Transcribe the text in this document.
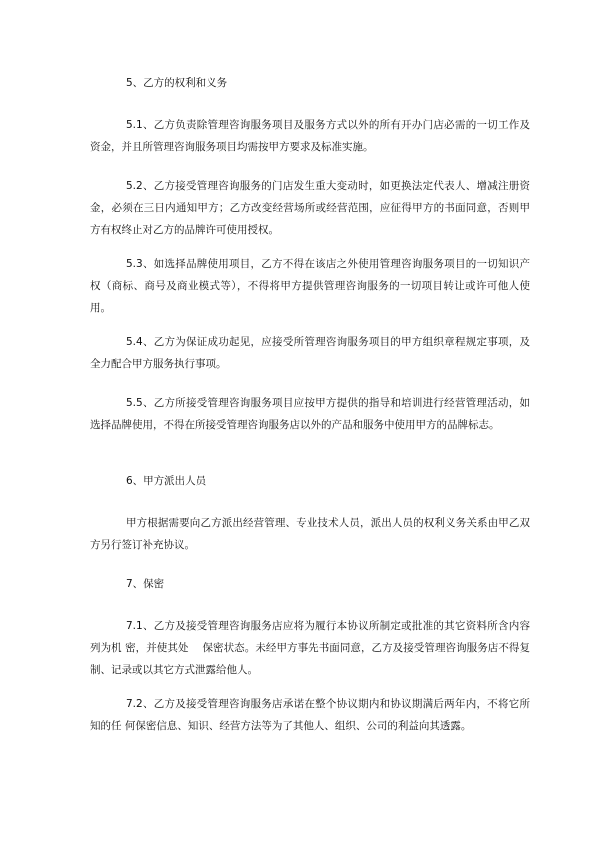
5、乙方的权利和义务

5.1、乙方负责除管理咨询服务项目及服务方式以外的所有开办门店必需的一切工作及资金，并且所管理咨询服务项目均需按甲方要求及标准实施。

5.2、乙方接受管理咨询服务的门店发生重大变动时，如更换法定代表人、增减注册资金，必须在三日内通知甲方；乙方改变经营场所或经营范围，应征得甲方的书面同意，否则甲方有权终止对乙方的品牌许可使用授权。

5.3、如选择品牌使用项目，乙方不得在该店之外使用管理咨询服务项目的一切知识产权（商标、商号及商业模式等），不得将甲方提供管理咨询服务的一切项目转让或许可他人使用。

5.4、乙方为保证成功起见，应接受所管理咨询服务项目的甲方组织章程规定事项，及全力配合甲方服务执行事项。

5.5、乙方所接受管理咨询服务项目应按甲方提供的指导和培训进行经营管理活动，如选择品牌使用，不得在所接受管理咨询服务店以外的产品和服务中使用甲方的品牌标志。

6、甲方派出人员

甲方根据需要向乙方派出经营管理、专业技术人员，派出人员的权利义务关系由甲乙双方另行签订补充协议。

7、保密

7.1、乙方及接受管理咨询服务店应将为履行本协议所制定或批准的其它资料所含内容列为机 密，并使其处　 保密状态。未经甲方事先书面同意，乙方及接受管理咨询服务店不得复制、记录或以其它方式泄露给他人。

7.2、乙方及接受管理咨询服务店承诺在整个协议期内和协议期满后两年内，不将它所知的任 何保密信息、知识、经营方法等为了其他人、组织、公司的利益向其透露。
